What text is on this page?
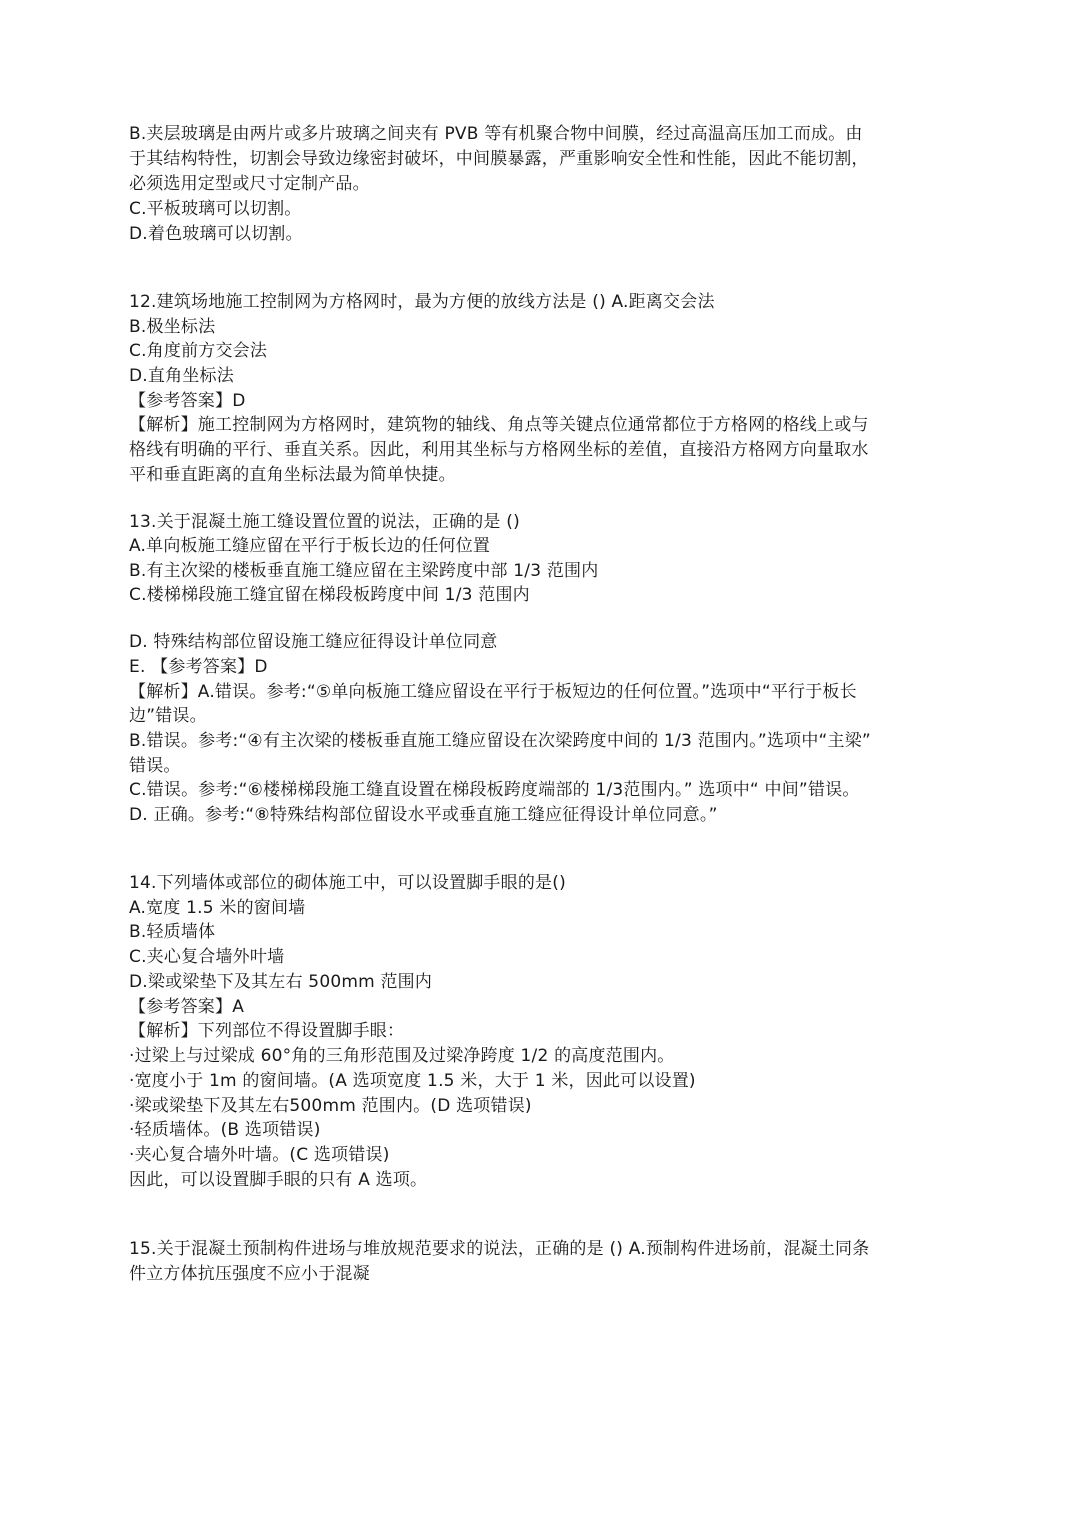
B.夹层玻璃是由两片或多片玻璃之间夹有 PVB 等有机聚合物中间膜，经过高温高压加工而成。由
于其结构特性，切割会导致边缘密封破坏，中间膜暴露，严重影响安全性和性能，因此不能切割，
必须选用定型或尺寸定制产品。
C.平板玻璃可以切割。
D.着色玻璃可以切割。
12.建筑场地施工控制网为方格网时，最为方便的放线方法是 () A.距离交会法
B.极坐标法
C.角度前方交会法
D.直角坐标法
【参考答案】D
【解析】施工控制网为方格网时，建筑物的轴线、角点等关键点位通常都位于方格网的格线上或与
格线有明确的平行、垂直关系。因此，利用其坐标与方格网坐标的差值，直接沿方格网方向量取水
平和垂直距离的直角坐标法最为简单快捷。
13.关于混凝土施工缝设置位置的说法，正确的是 ()
A.单向板施工缝应留在平行于板长边的任何位置
B.有主次梁的楼板垂直施工缝应留在主梁跨度中部 1/3 范围内
C.楼梯梯段施工缝宜留在梯段板跨度中间 1/3 范围内
D. 特殊结构部位留设施工缝应征得设计单位同意
E. 【参考答案】D
【解析】A.错误。参考:“⑤单向板施工缝应留设在平行于板短边的任何位置。”选项中“平行于板长
边”错误。
B.错误。参考:“④有主次梁的楼板垂直施工缝应留设在次梁跨度中间的 1/3 范围内。”选项中“主梁”
错误。
C.错误。参考:“⑥楼梯梯段施工缝直设置在梯段板跨度端部的 1/3范围内。” 选项中“ 中间”错误。
D. 正确。参考:“⑧特殊结构部位留设水平或垂直施工缝应征得设计单位同意。”
14.下列墙体或部位的砌体施工中，可以设置脚手眼的是()
A.宽度 1.5 米的窗间墙
B.轻质墙体
C.夹心复合墙外叶墙
D.梁或梁垫下及其左右 500mm 范围内
【参考答案】A
【解析】下列部位不得设置脚手眼：
·过梁上与过梁成 60°角的三角形范围及过梁净跨度 1/2 的高度范围内。
·宽度小于 1m 的窗间墙。(A 选项宽度 1.5 米，大于 1 米，因此可以设置)
·梁或梁垫下及其左右500mm 范围内。(D 选项错误)
·轻质墙体。(B 选项错误)
·夹心复合墙外叶墙。(C 选项错误)
因此，可以设置脚手眼的只有 A 选项。
15.关于混凝土预制构件进场与堆放规范要求的说法，正确的是 () A.预制构件进场前，混凝土同条
件立方体抗压强度不应小于混凝
